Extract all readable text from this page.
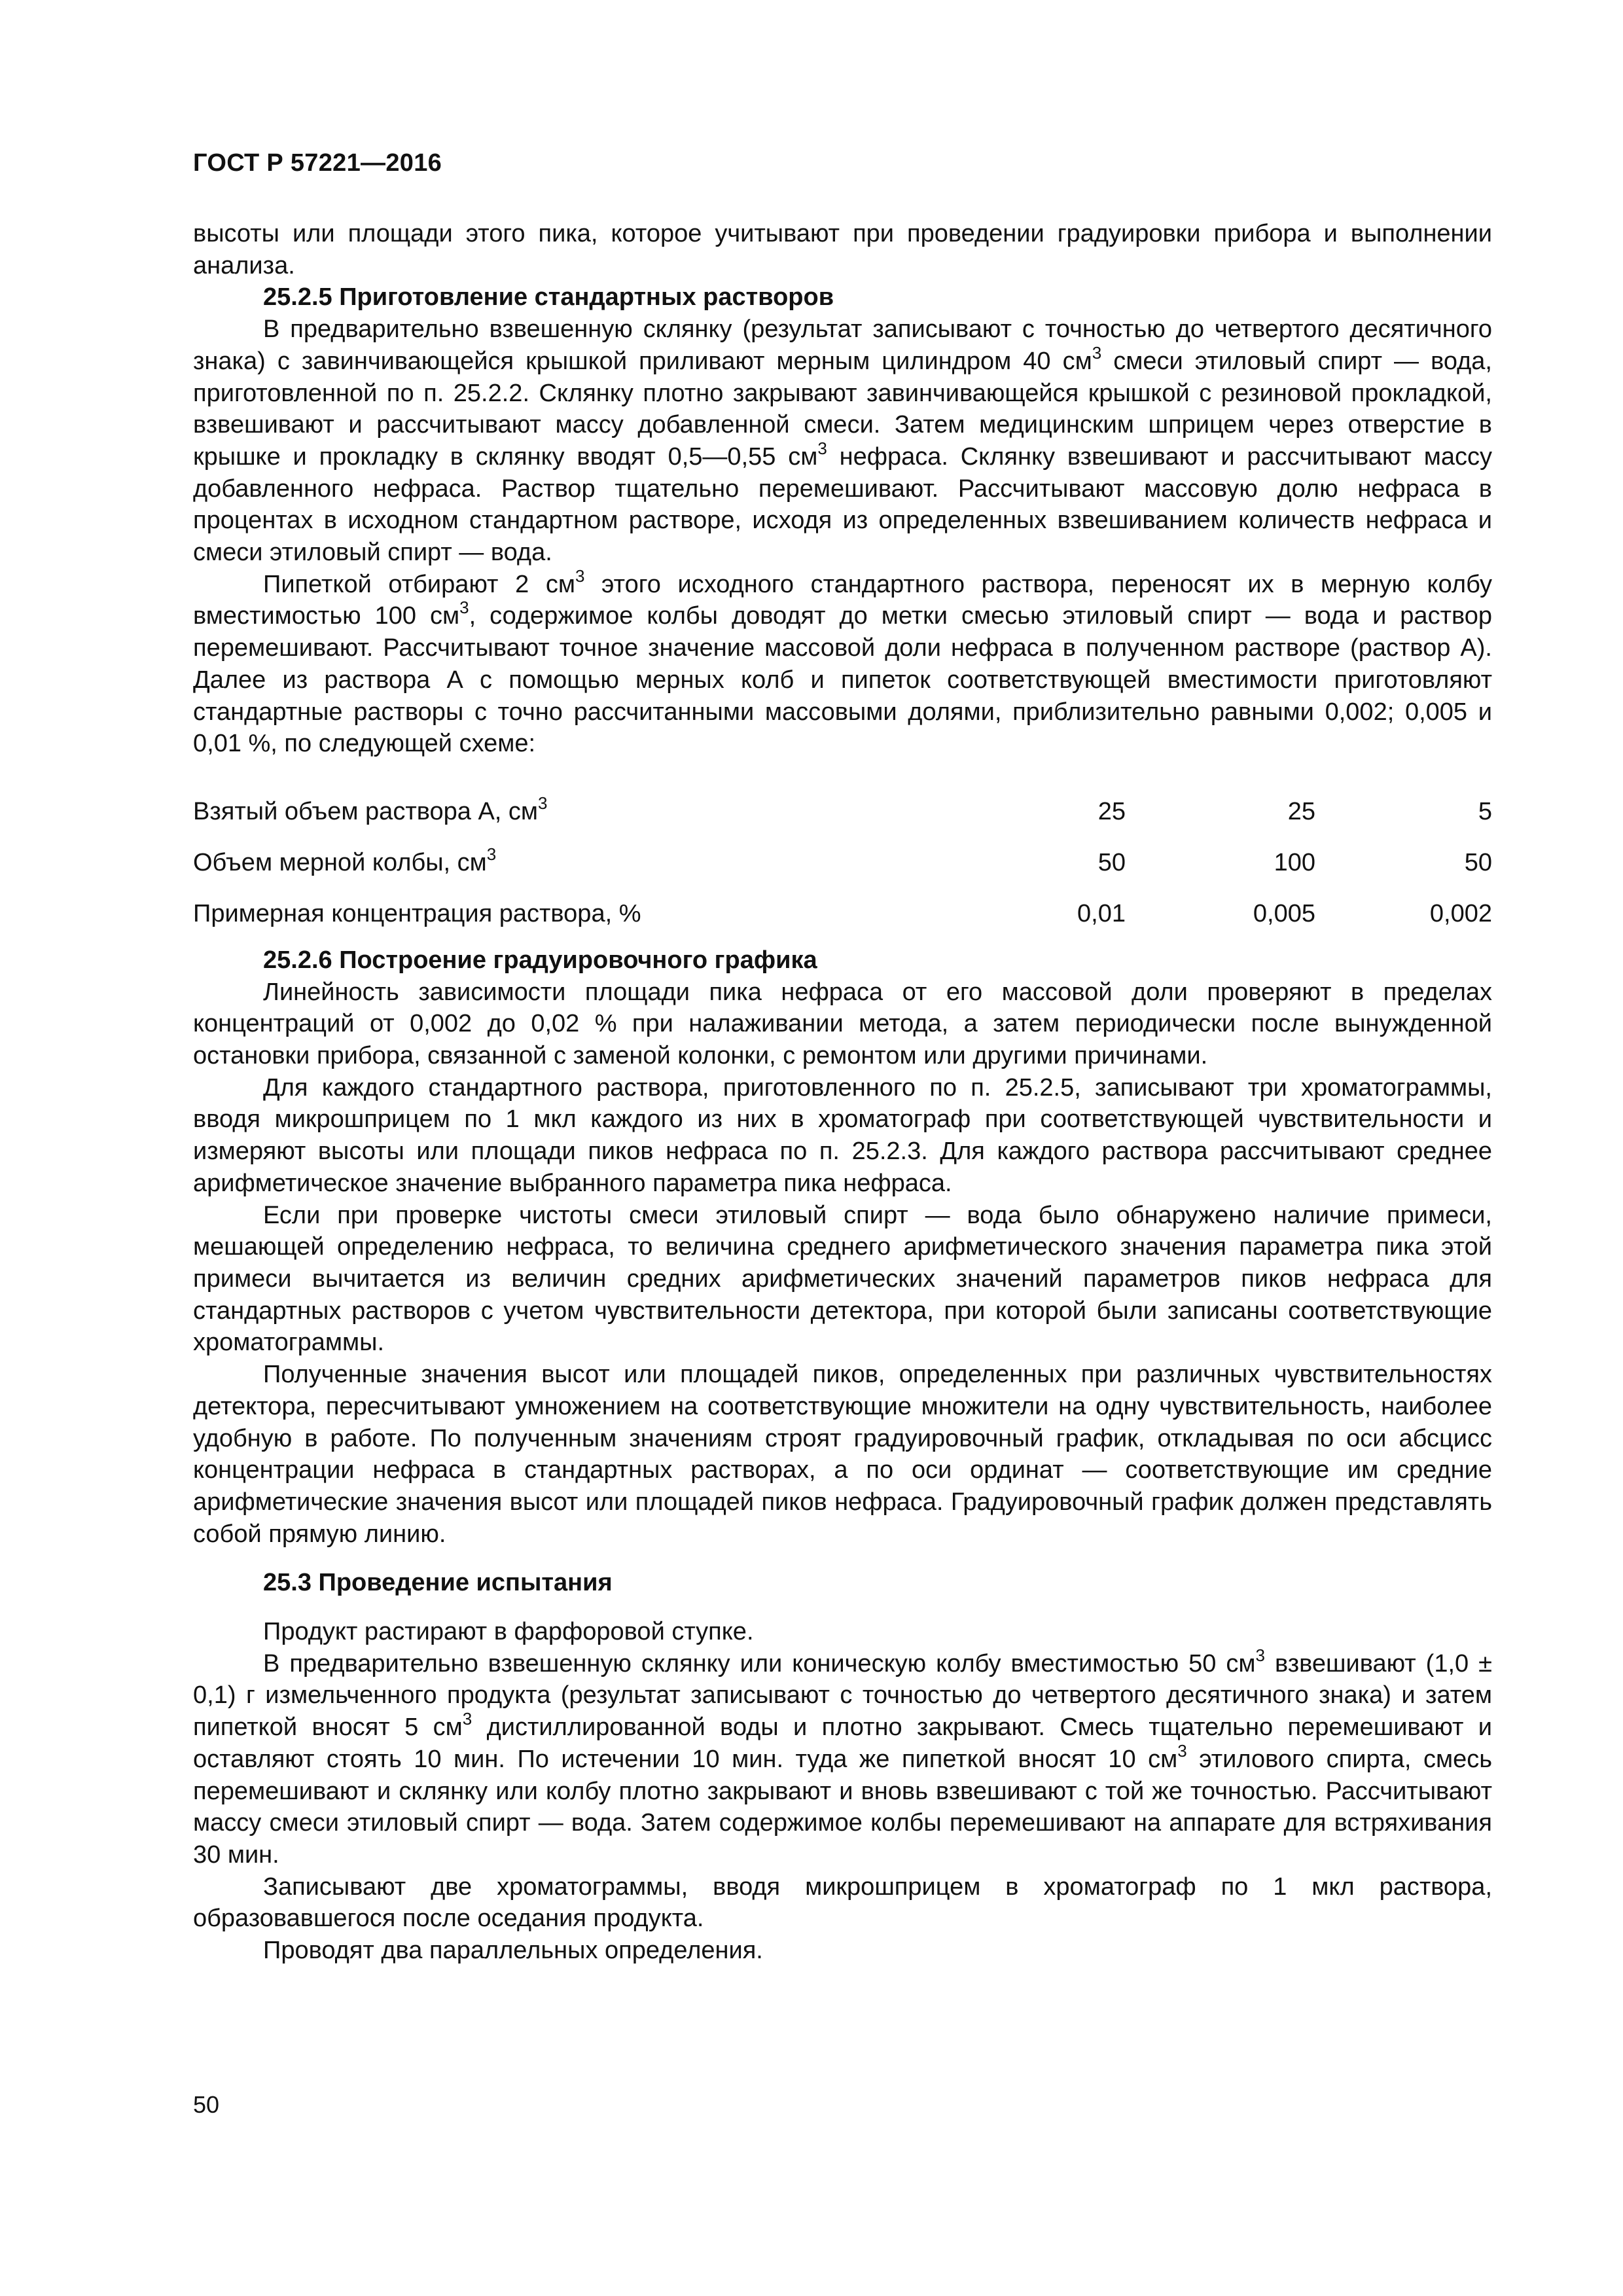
ГОСТ Р 57221—2016

высоты или площади этого пика, которое учитывают при проведении градуировки прибора и выполнении анализа.

25.2.5 Приготовление стандартных растворов

В предварительно взвешенную склянку (результат записывают с точностью до четвертого десятичного знака) с завинчивающейся крышкой приливают мерным цилиндром 40 $см^3$ смеси этиловый спирт — вода, приготовленной по п. 25.2.2. Склянку плотно закрывают завинчивающейся крышкой с резиновой прокладкой, взвешивают и рассчитывают массу добавленной смеси. Затем медицинским шприцем через отверстие в крышке и прокладку в склянку вводят 0,5—0,55 $см^3$ нефраса. Склянку взвешивают и рассчитывают массу добавленного нефраса. Раствор тщательно перемешивают. Рассчитывают массовую долю нефраса в процентах в исходном стандартном растворе, исходя из определенных взвешиванием количеств нефраса и смеси этиловый спирт — вода.

Пипеткой отбирают 2 $см^3$ этого исходного стандартного раствора, переносят их в мерную колбу вместимостью 100 $см^3$, содержимое колбы доводят до метки смесью этиловый спирт — вода и раствор перемешивают. Рассчитывают точное значение массовой доли нефраса в полученном растворе (раствор А). Далее из раствора А с помощью мерных колб и пипеток соответствующей вместимости приготовляют стандартные растворы с точно рассчитанными массовыми долями, приблизительно равными 0,002; 0,005 и 0,01 %, по следующей схеме:

Взятый объем раствора А, $см^3$	25	25	5
Объем мерной колбы, $см^3$	50	100	50
Примерная концентрация раствора, %	0,01	0,005	0,002
25.2.6 Построение градуировочного графика

Линейность зависимости площади пика нефраса от его массовой доли проверяют в пределах концентраций от 0,002 до 0,02 % при налаживании метода, а затем периодически после вынужденной остановки прибора, связанной с заменой колонки, с ремонтом или другими причинами.

Для каждого стандартного раствора, приготовленного по п. 25.2.5, записывают три хроматограммы, вводя микрошприцем по 1 мкл каждого из них в хроматограф при соответствующей чувствительности и измеряют высоты или площади пиков нефраса по п. 25.2.3. Для каждого раствора рассчитывают среднее арифметическое значение выбранного параметра пика нефраса.

Если при проверке чистоты смеси этиловый спирт — вода было обнаружено наличие примеси, мешающей определению нефраса, то величина среднего арифметического значения параметра пика этой примеси вычитается из величин средних арифметических значений параметров пиков нефраса для стандартных растворов с учетом чувствительности детектора, при которой были записаны соответствующие хроматограммы.

Полученные значения высот или площадей пиков, определенных при различных чувствительностях детектора, пересчитывают умножением на соответствующие множители на одну чувствительность, наиболее удобную в работе. По полученным значениям строят градуировочный график, откладывая по оси абсцисс концентрации нефраса в стандартных растворах, а по оси ординат — соответствующие им средние арифметические значения высот или площадей пиков нефраса. Градуировочный график должен представлять собой прямую линию.

25.3 Проведение испытания

Продукт растирают в фарфоровой ступке.

В предварительно взвешенную склянку или коническую колбу вместимостью 50 $см^3$ взвешивают (1,0 ± 0,1) г измельченного продукта (результат записывают с точностью до четвертого десятичного знака) и затем пипеткой вносят 5 $см^3$ дистиллированной воды и плотно закрывают. Смесь тщательно перемешивают и оставляют стоять 10 мин. По истечении 10 мин. туда же пипеткой вносят 10 $см^3$ этилового спирта, смесь перемешивают и склянку или колбу плотно закрывают и вновь взвешивают с той же точностью. Рассчитывают массу смеси этиловый спирт — вода. Затем содержимое колбы перемешивают на аппарате для встряхивания 30 мин.

Записывают две хроматограммы, вводя микрошприцем в хроматограф по 1 мкл раствора, образовавшегося после оседания продукта.

Проводят два параллельных определения.

50
